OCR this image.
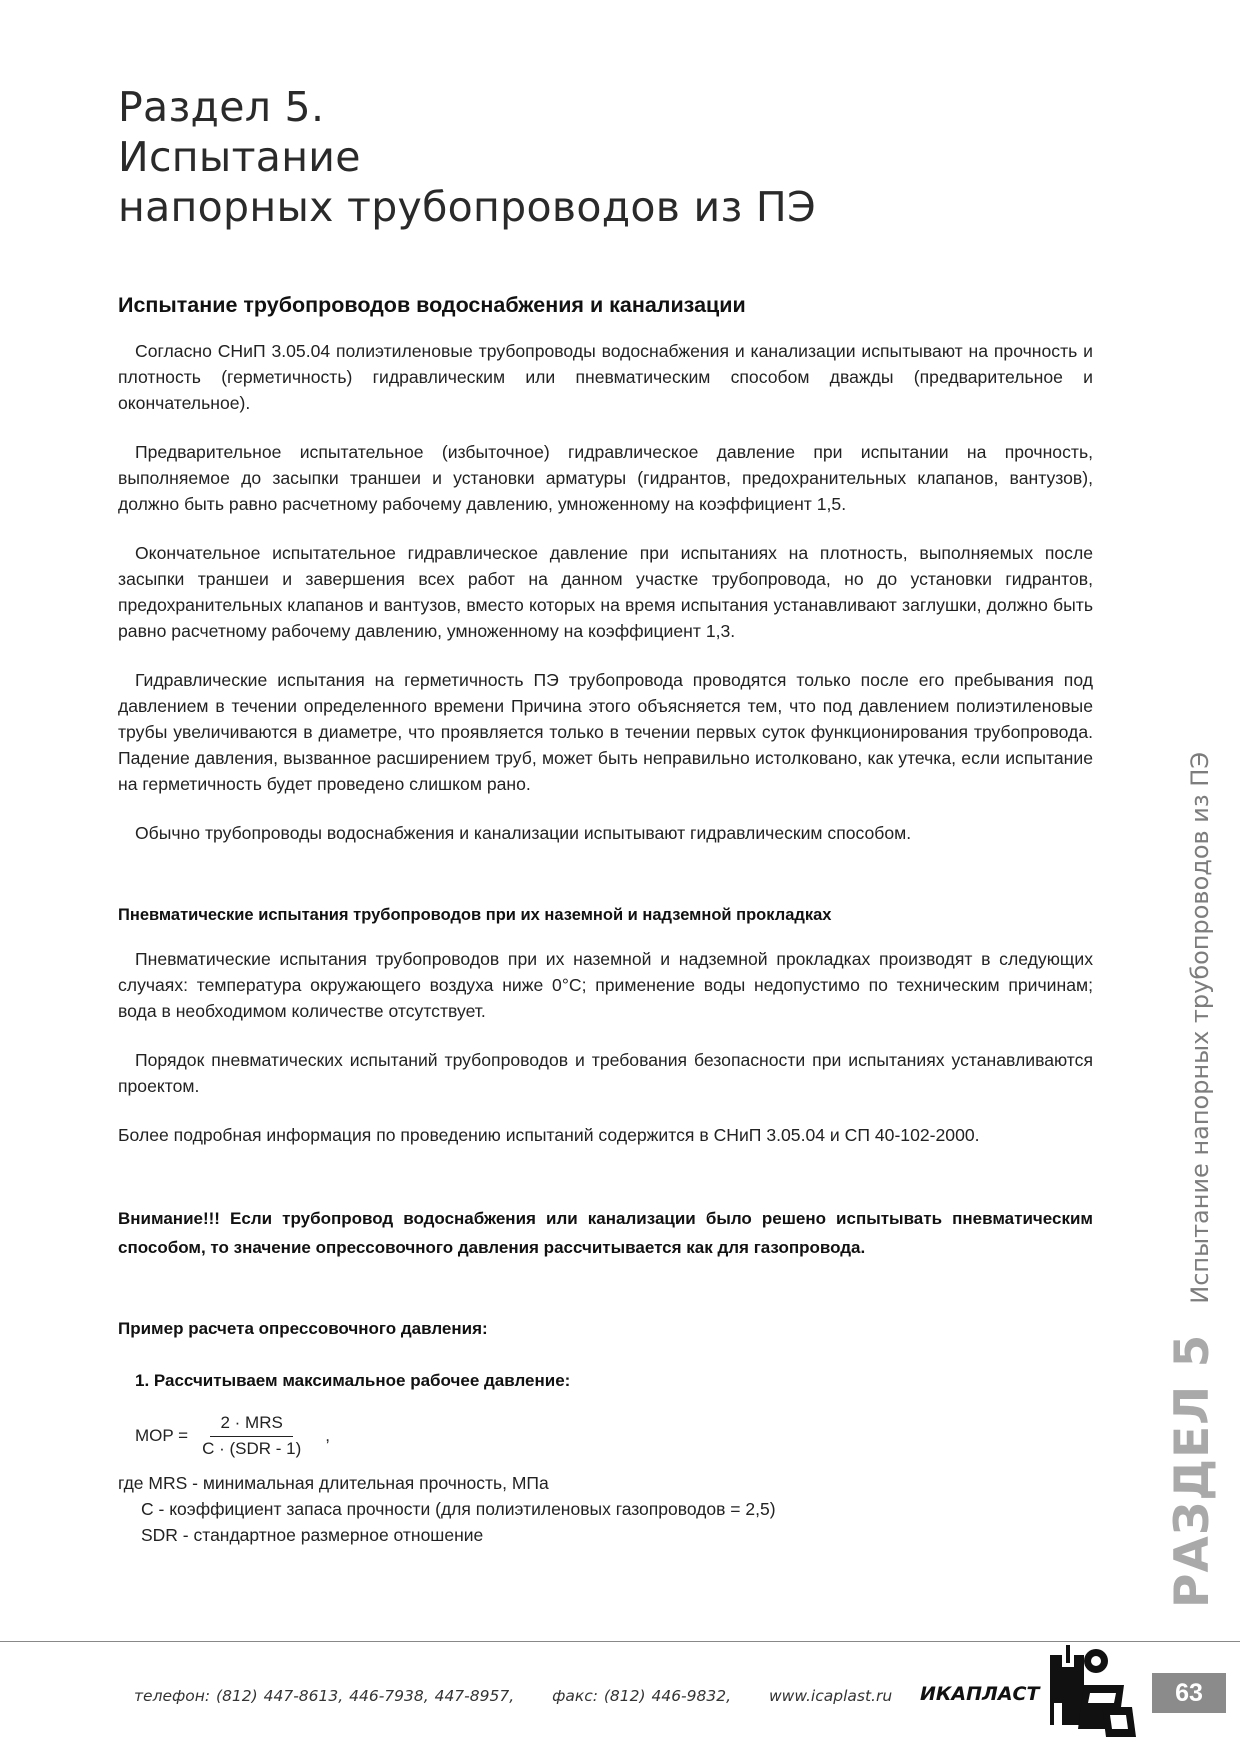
Раздел 5.
Испытание
напорных трубопроводов из ПЭ
Испытание трубопроводов водоснабжения и канализации

Согласно СНиП 3.05.04 полиэтиленовые трубопроводы водоснабжения и канализации испытывают на прочность и плотность (герметичность) гидравлическим или пневматическим способом дважды (предварительное и окончательное).

Предварительное испытательное (избыточное) гидравлическое давление при испытании на прочность, выполняемое до засыпки траншеи и установки арматуры (гидрантов, предохранительных клапанов, вантузов), должно быть равно расчетному рабочему давлению, умноженному на коэффициент 1,5.

Окончательное испытательное гидравлическое давление при испытаниях на плотность, выполняемых после засыпки траншеи и завершения всех работ на данном участке трубопровода, но до установки гидрантов, предохранительных клапанов и вантузов, вместо которых на время испытания устанавливают заглушки, должно быть равно расчетному рабочему давлению, умноженному на коэффициент 1,3.

Гидравлические испытания на герметичность ПЭ трубопровода проводятся только после его пребывания под давлением в течении определенного времени Причина этого объясняется тем, что под давлением полиэтиленовые трубы увеличиваются в диаметре, что проявляется только в течении первых суток функционирования трубопровода. Падение давления, вызванное расширением труб, может быть неправильно истолковано, как утечка, если испытание на герметичность будет проведено слишком рано.

Обычно трубопроводы водоснабжения и канализации испытывают гидравлическим способом.

Пневматические испытания трубопроводов при их наземной и надземной прокладках

Пневматические испытания трубопроводов при их наземной и надземной прокладках производят в следующих случаях: температура окружающего воздуха ниже 0°С; применение воды недопустимо по техническим причинам; вода в необходимом количестве отсутствует.

Порядок пневматических испытаний трубопроводов и требования безопасности при испытаниях устанавливаются проектом.

Более подробная информация по проведению испытаний содержится в СНиП 3.05.04 и СП 40-102-2000.

Внимание!!! Если трубопровод водоснабжения или канализации было решено испытывать пневматическим способом, то значение опрессовочного давления рассчитывается как для газопровода.
Пример расчета опрессовочного давления:
1. Рассчитываем максимальное рабочее давление:
MOP = $\frac{\text{2 · MRS}}{\text{C · (SDR - 1)}}$ ,
где MRS - минимальная длительная прочность, МПа
C - коэффициент запаса прочности (для полиэтиленовых газопроводов = 2,5)
SDR - стандартное размерное отношение	РАЗДЕЛ 5
Испытание напорных трубопроводов из ПЭ
телефон: (812) 447-8613, 446-7938, 447-8957, факс: (812) 446-9832, www.icaplast.ru	ИКАПЛАСТ	63
